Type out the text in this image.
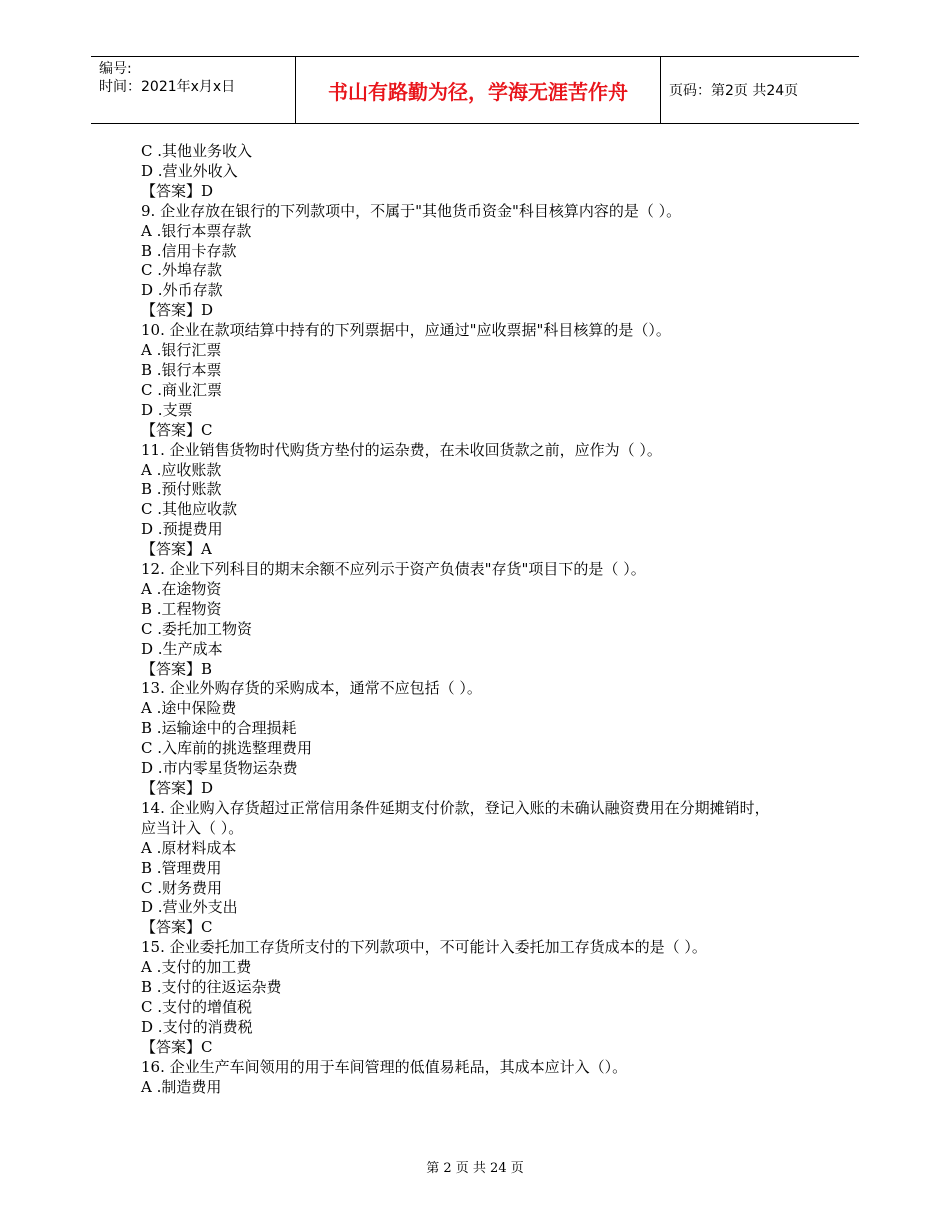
编号:
时间：2021年x月x日	书山有路勤为径，学海无涯苦作舟	页码：第2页 共24页
C .其他业务收入
D .营业外收入
【答案】D
9. 企业存放在银行的下列款项中，不属于"其他货币资金"科目核算内容的是（ ）。
A .银行本票存款
B .信用卡存款
C .外埠存款
D .外币存款
【答案】D
10. 企业在款项结算中持有的下列票据中，应通过"应收票据"科目核算的是（）。
A .银行汇票
B .银行本票
C .商业汇票
D .支票
【答案】C
11. 企业销售货物时代购货方垫付的运杂费，在未收回货款之前，应作为（ ）。
A .应收账款
B .预付账款
C .其他应收款
D .预提费用
【答案】A
12. 企业下列科目的期末余额不应列示于资产负债表"存货"项目下的是（ ）。
A .在途物资
B .工程物资
C .委托加工物资
D .生产成本
【答案】B
13. 企业外购存货的采购成本，通常不应包括（ ）。
A .途中保险费
B .运输途中的合理损耗
C .入库前的挑选整理费用
D .市内零星货物运杂费
【答案】D
14. 企业购入存货超过正常信用条件延期支付价款，登记入账的未确认融资费用在分期摊销时，
应当计入（ ）。
A .原材料成本
B .管理费用
C .财务费用
D .营业外支出
【答案】C
15. 企业委托加工存货所支付的下列款项中，不可能计入委托加工存货成本的是（ ）。
A .支付的加工费
B .支付的往返运杂费
C .支付的增值税
D .支付的消费税
【答案】C
16. 企业生产车间领用的用于车间管理的低值易耗品，其成本应计入（）。
A .制造费用
第 2 页 共 24 页
